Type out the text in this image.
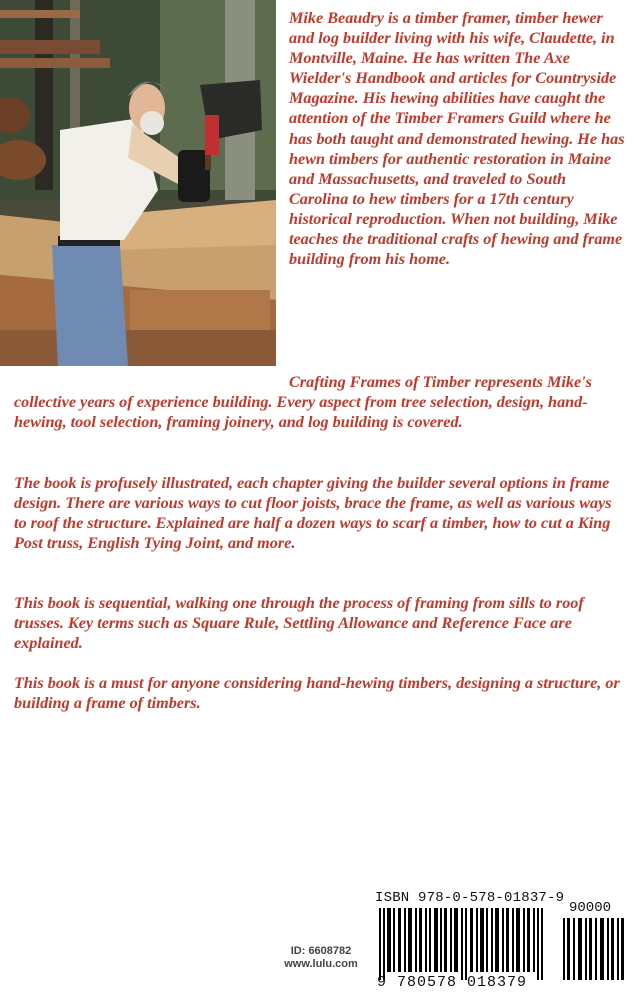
Mike Beaudry is a timber framer, timber hewer and log builder living with his wife, Claudette, in Montville, Maine. He has written The Axe Wielder's Handbook and articles for Countryside Magazine. His hewing abilities have caught the attention of the Timber Framers Guild where he has both taught and demonstrated hewing. He has hewn timbers for authentic restoration in Maine and Massachusetts, and traveled to South Carolina to hew timbers for a 17th century historical reproduction. When not building, Mike teaches the traditional crafts of hewing and frame building from his home.
Crafting Frames of Timber represents Mike's collective years of experience building. Every aspect from tree selection, design, hand-hewing, tool selection, framing joinery, and log building is covered.
The book is profusely illustrated, each chapter giving the builder several options in frame design. There are various ways to cut floor joists, brace the frame, as well as various ways to roof the structure. Explained are half a dozen ways to scarf a timber, how to cut a King Post truss, English Tying Joint, and more.
This book is sequential, walking one through the process of framing from sills to roof trusses. Key terms such as Square Rule, Settling Allowance and Reference Face are explained.
This book is a must for anyone considering hand-hewing timbers, designing a structure, or building a frame of timbers.
ID: 6608782
www.lulu.com
ISBN 978-0-578-01837-9
90000
9 780578 018379
